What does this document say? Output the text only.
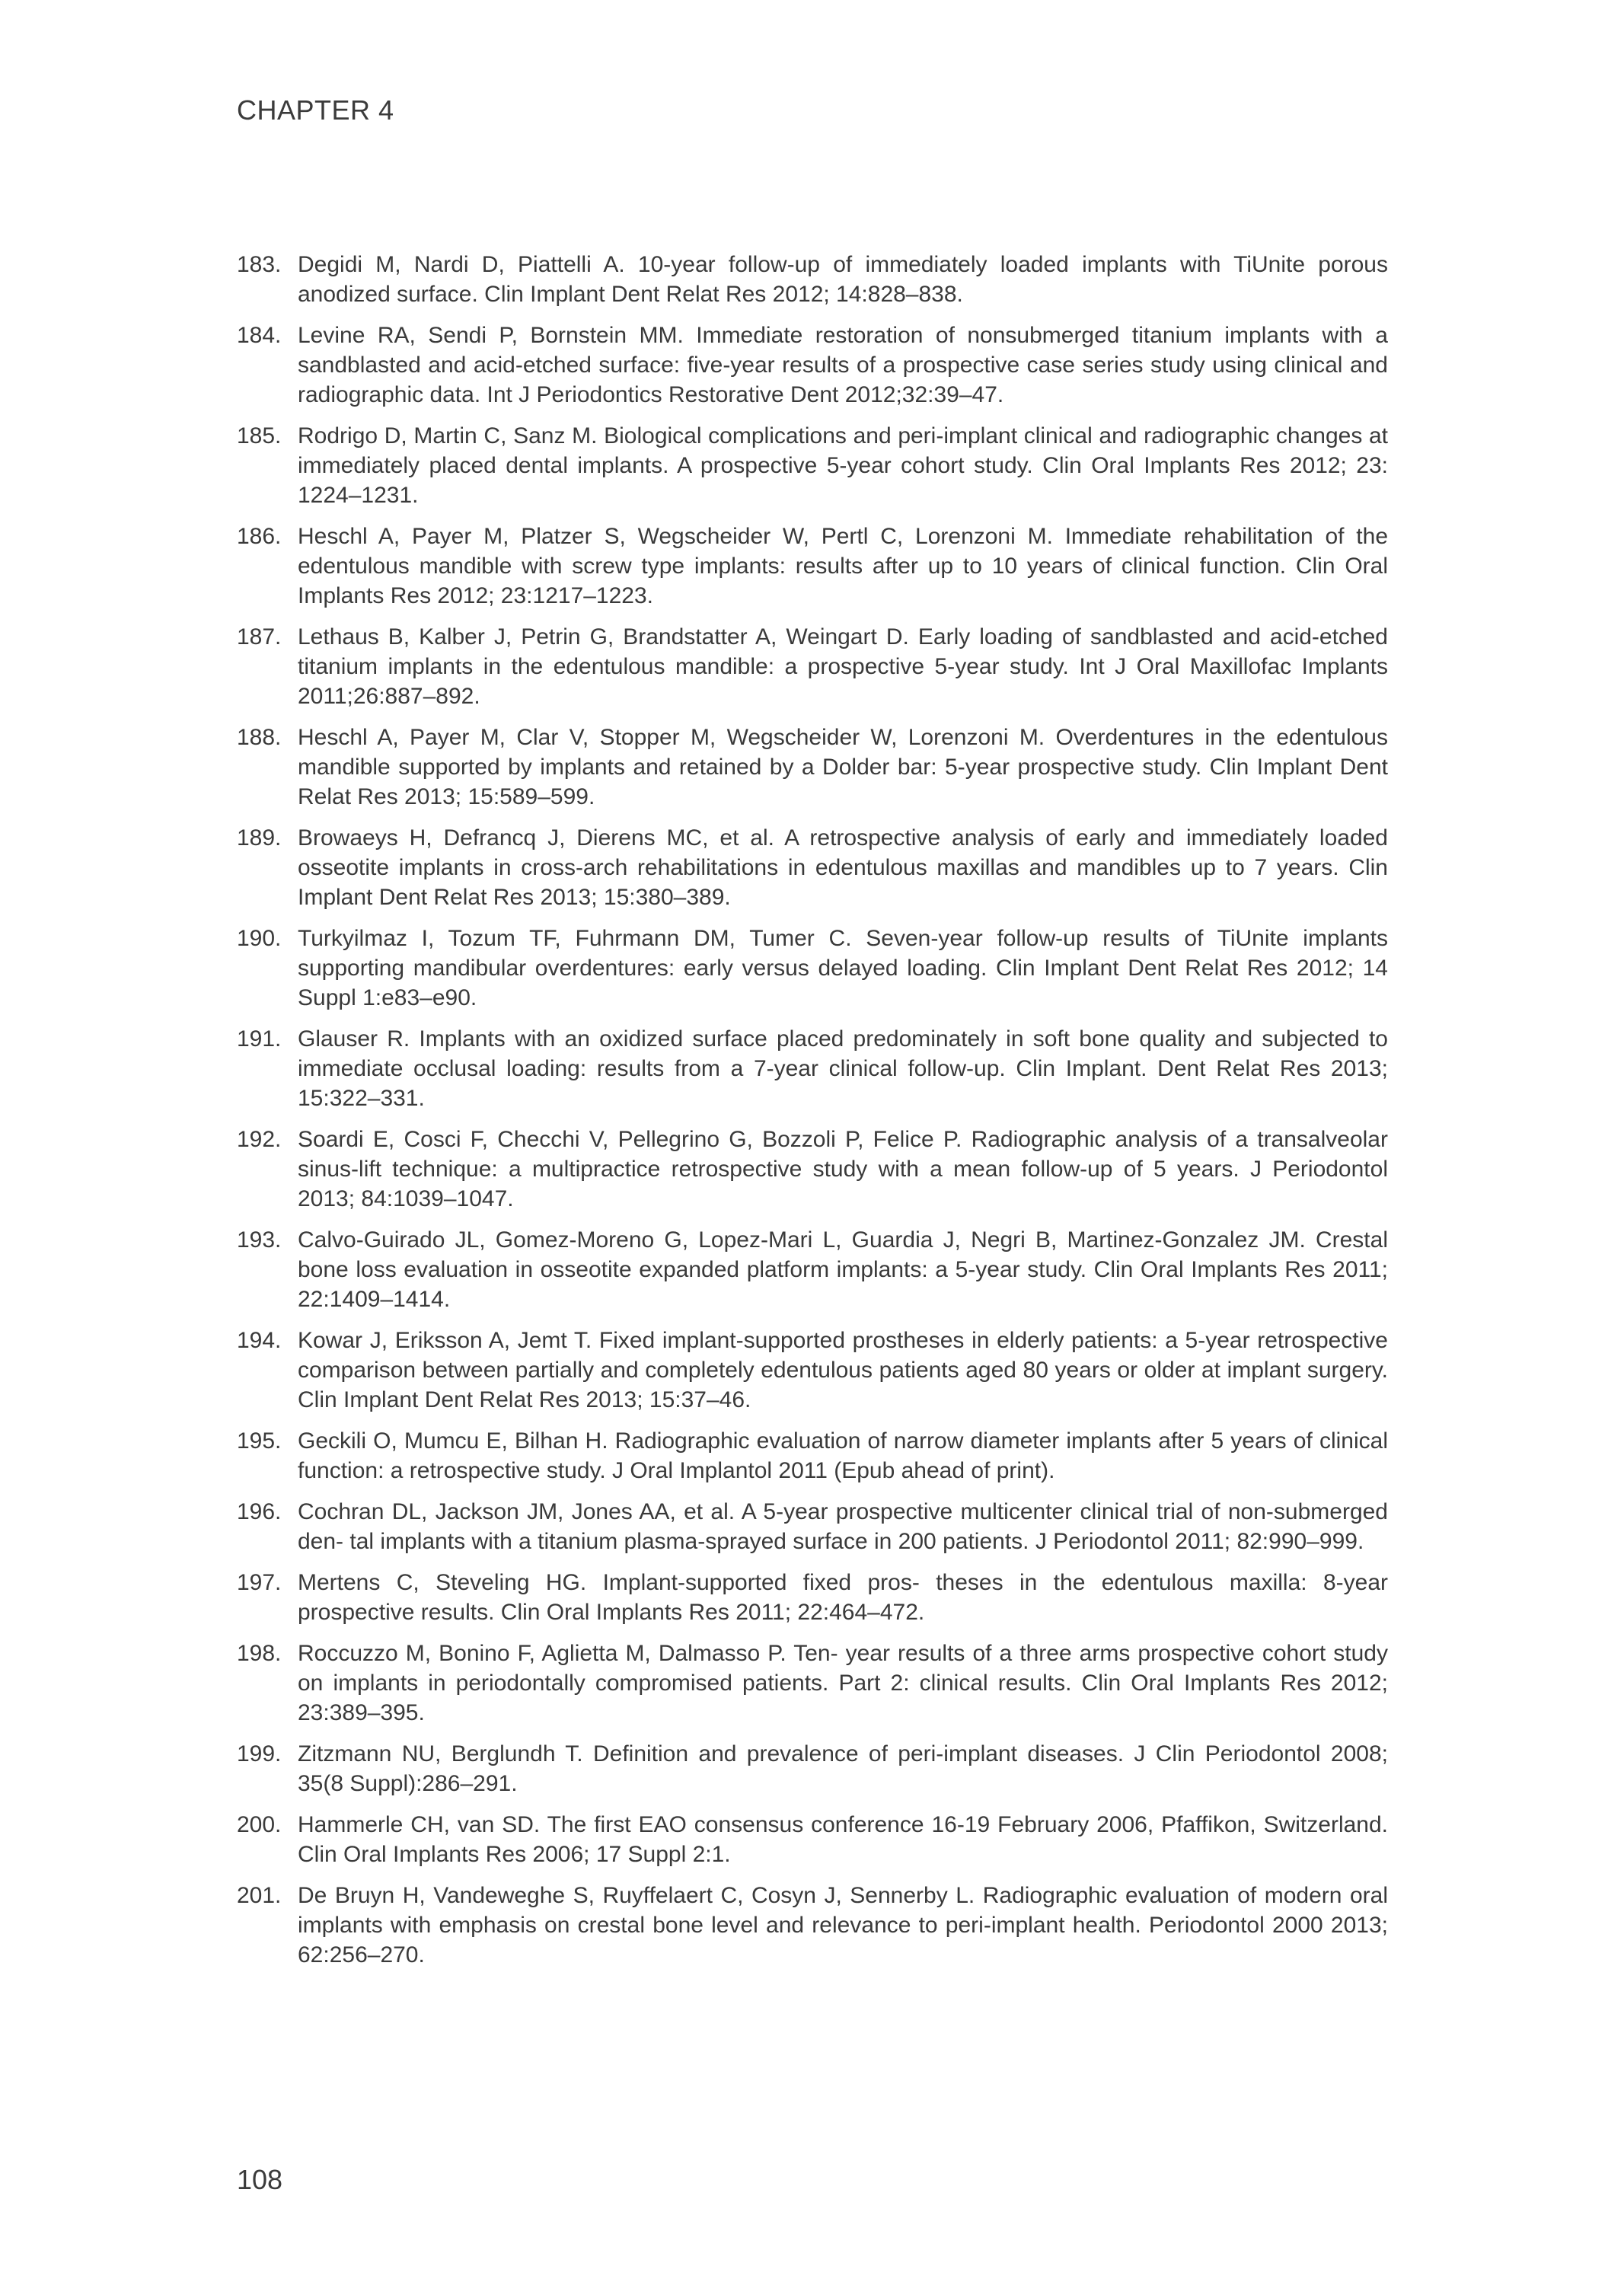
CHAPTER 4
183. Degidi M, Nardi D, Piattelli A. 10-year follow-up of immediately loaded implants with TiUnite porous anodized surface. Clin Implant Dent Relat Res 2012; 14:828–838.
184. Levine RA, Sendi P, Bornstein MM. Immediate restoration of nonsubmerged titanium implants with a sandblasted and acid-etched surface: five-year results of a prospective case series study using clinical and radiographic data. Int J Periodontics Restorative Dent 2012;32:39–47.
185. Rodrigo D, Martin C, Sanz M. Biological complications and peri-implant clinical and radiographic changes at immediately placed dental implants. A prospective 5-year cohort study. Clin Oral Implants Res 2012; 23: 1224–1231.
186. Heschl A, Payer M, Platzer S, Wegscheider W, Pertl C, Lorenzoni M. Immediate rehabilitation of the edentulous mandible with screw type implants: results after up to 10 years of clinical function. Clin Oral Implants Res 2012; 23:1217–1223.
187. Lethaus B, Kalber J, Petrin G, Brandstatter A, Weingart D. Early loading of sandblasted and acid-etched titanium implants in the edentulous mandible: a prospective 5-year study. Int J Oral Maxillofac Implants 2011;26:887–892.
188. Heschl A, Payer M, Clar V, Stopper M, Wegscheider W, Lorenzoni M. Overdentures in the edentulous mandible supported by implants and retained by a Dolder bar: 5-year prospective study. Clin Implant Dent Relat Res 2013; 15:589–599.
189. Browaeys H, Defrancq J, Dierens MC, et al. A retrospective analysis of early and immediately loaded osseotite implants in cross-arch rehabilitations in edentulous maxillas and mandibles up to 7 years. Clin Implant Dent Relat Res 2013; 15:380–389.
190. Turkyilmaz I, Tozum TF, Fuhrmann DM, Tumer C. Seven-year follow-up results of TiUnite implants supporting mandibular overdentures: early versus delayed loading. Clin Implant Dent Relat Res 2012; 14 Suppl 1:e83–e90.
191. Glauser R. Implants with an oxidized surface placed predominately in soft bone quality and subjected to immediate occlusal loading: results from a 7-year clinical follow-up. Clin Implant. Dent Relat Res 2013; 15:322–331.
192. Soardi E, Cosci F, Checchi V, Pellegrino G, Bozzoli P, Felice P. Radiographic analysis of a transalveolar sinus-lift technique: a multipractice retrospective study with a mean follow-up of 5 years. J Periodontol 2013; 84:1039–1047.
193. Calvo-Guirado JL, Gomez-Moreno G, Lopez-Mari L, Guardia J, Negri B, Martinez-Gonzalez JM. Crestal bone loss evaluation in osseotite expanded platform implants: a 5-year study. Clin Oral Implants Res 2011; 22:1409–1414.
194. Kowar J, Eriksson A, Jemt T. Fixed implant-supported prostheses in elderly patients: a 5-year retrospective comparison between partially and completely edentulous patients aged 80 years or older at implant surgery. Clin Implant Dent Relat Res 2013; 15:37–46.
195. Geckili O, Mumcu E, Bilhan H. Radiographic evaluation of narrow diameter implants after 5 years of clinical function: a retrospective study. J Oral Implantol 2011 (Epub ahead of print).
196. Cochran DL, Jackson JM, Jones AA, et al. A 5-year prospective multicenter clinical trial of non-submerged den- tal implants with a titanium plasma-sprayed surface in 200 patients. J Periodontol 2011; 82:990–999.
197. Mertens C, Steveling HG. Implant-supported fixed pros- theses in the edentulous maxilla: 8-year prospective results. Clin Oral Implants Res 2011; 22:464–472.
198. Roccuzzo M, Bonino F, Aglietta M, Dalmasso P. Ten- year results of a three arms prospective cohort study on implants in periodontally compromised patients. Part 2: clinical results. Clin Oral Implants Res 2012; 23:389–395.
199. Zitzmann NU, Berglundh T. Definition and prevalence of peri-implant diseases. J Clin Periodontol 2008; 35(8 Suppl):286–291.
200. Hammerle CH, van SD. The first EAO consensus conference 16-19 February 2006, Pfaffikon, Switzerland. Clin Oral Implants Res 2006; 17 Suppl 2:1.
201. De Bruyn H, Vandeweghe S, Ruyffelaert C, Cosyn J, Sennerby L. Radiographic evaluation of modern oral implants with emphasis on crestal bone level and relevance to peri-implant health. Periodontol 2000 2013; 62:256–270.
108
